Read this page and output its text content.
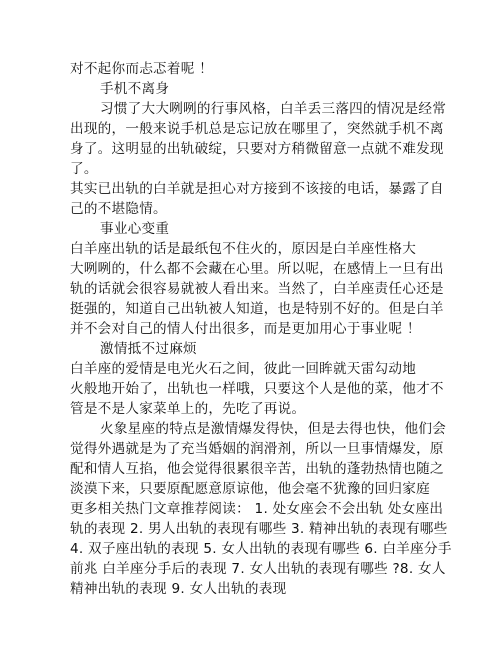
对不起你而忐忑着呢 ！
手机不离身
习惯了大大咧咧的行事风格，白羊丢三落四的情况是经常
出现的，一般来说手机总是忘记放在哪里了，突然就手机不离
身了。这明显的出轨破绽，只要对方稍微留意一点就不难发现
了。
其实已出轨的白羊就是担心对方接到不该接的电话，暴露了自
己的不堪隐情。
事业心变重
白羊座出轨的话是最纸包不住火的，原因是白羊座性格大
大咧咧的，什么都不会藏在心里。所以呢，在感情上一旦有出
轨的话就会很容易就被人看出来。当然了，白羊座责任心还是
挺强的，知道自己出轨被人知道，也是特别不好的。但是白羊
并不会对自己的情人付出很多，而是更加用心于事业呢 ！
激情抵不过麻烦
白羊座的爱情是电光火石之间，彼此一回眸就天雷勾动地
火般地开始了，出轨也一样哦，只要这个人是他的菜，他才不
管是不是人家菜单上的，先吃了再说。
火象星座的特点是激情爆发得快，但是去得也快，他们会
觉得外遇就是为了充当婚姻的润滑剂，所以一旦事情爆发，原
配和情人互掐，他会觉得很累很辛苦，出轨的蓬勃热情也随之
淡漠下来，只要原配愿意原谅他，他会毫不犹豫的回归家庭
更多相关热门文章推荐阅读： 1. 处女座会不会出轨 处女座出
轨的表现 2. 男人出轨的表现有哪些 3. 精神出轨的表现有哪些
4. 双子座出轨的表现 5. 女人出轨的表现有哪些 6. 白羊座分手
前兆 白羊座分手后的表现 7. 女人出轨的表现有哪些 ?8. 女人
精神出轨的表现 9. 女人出轨的表现
